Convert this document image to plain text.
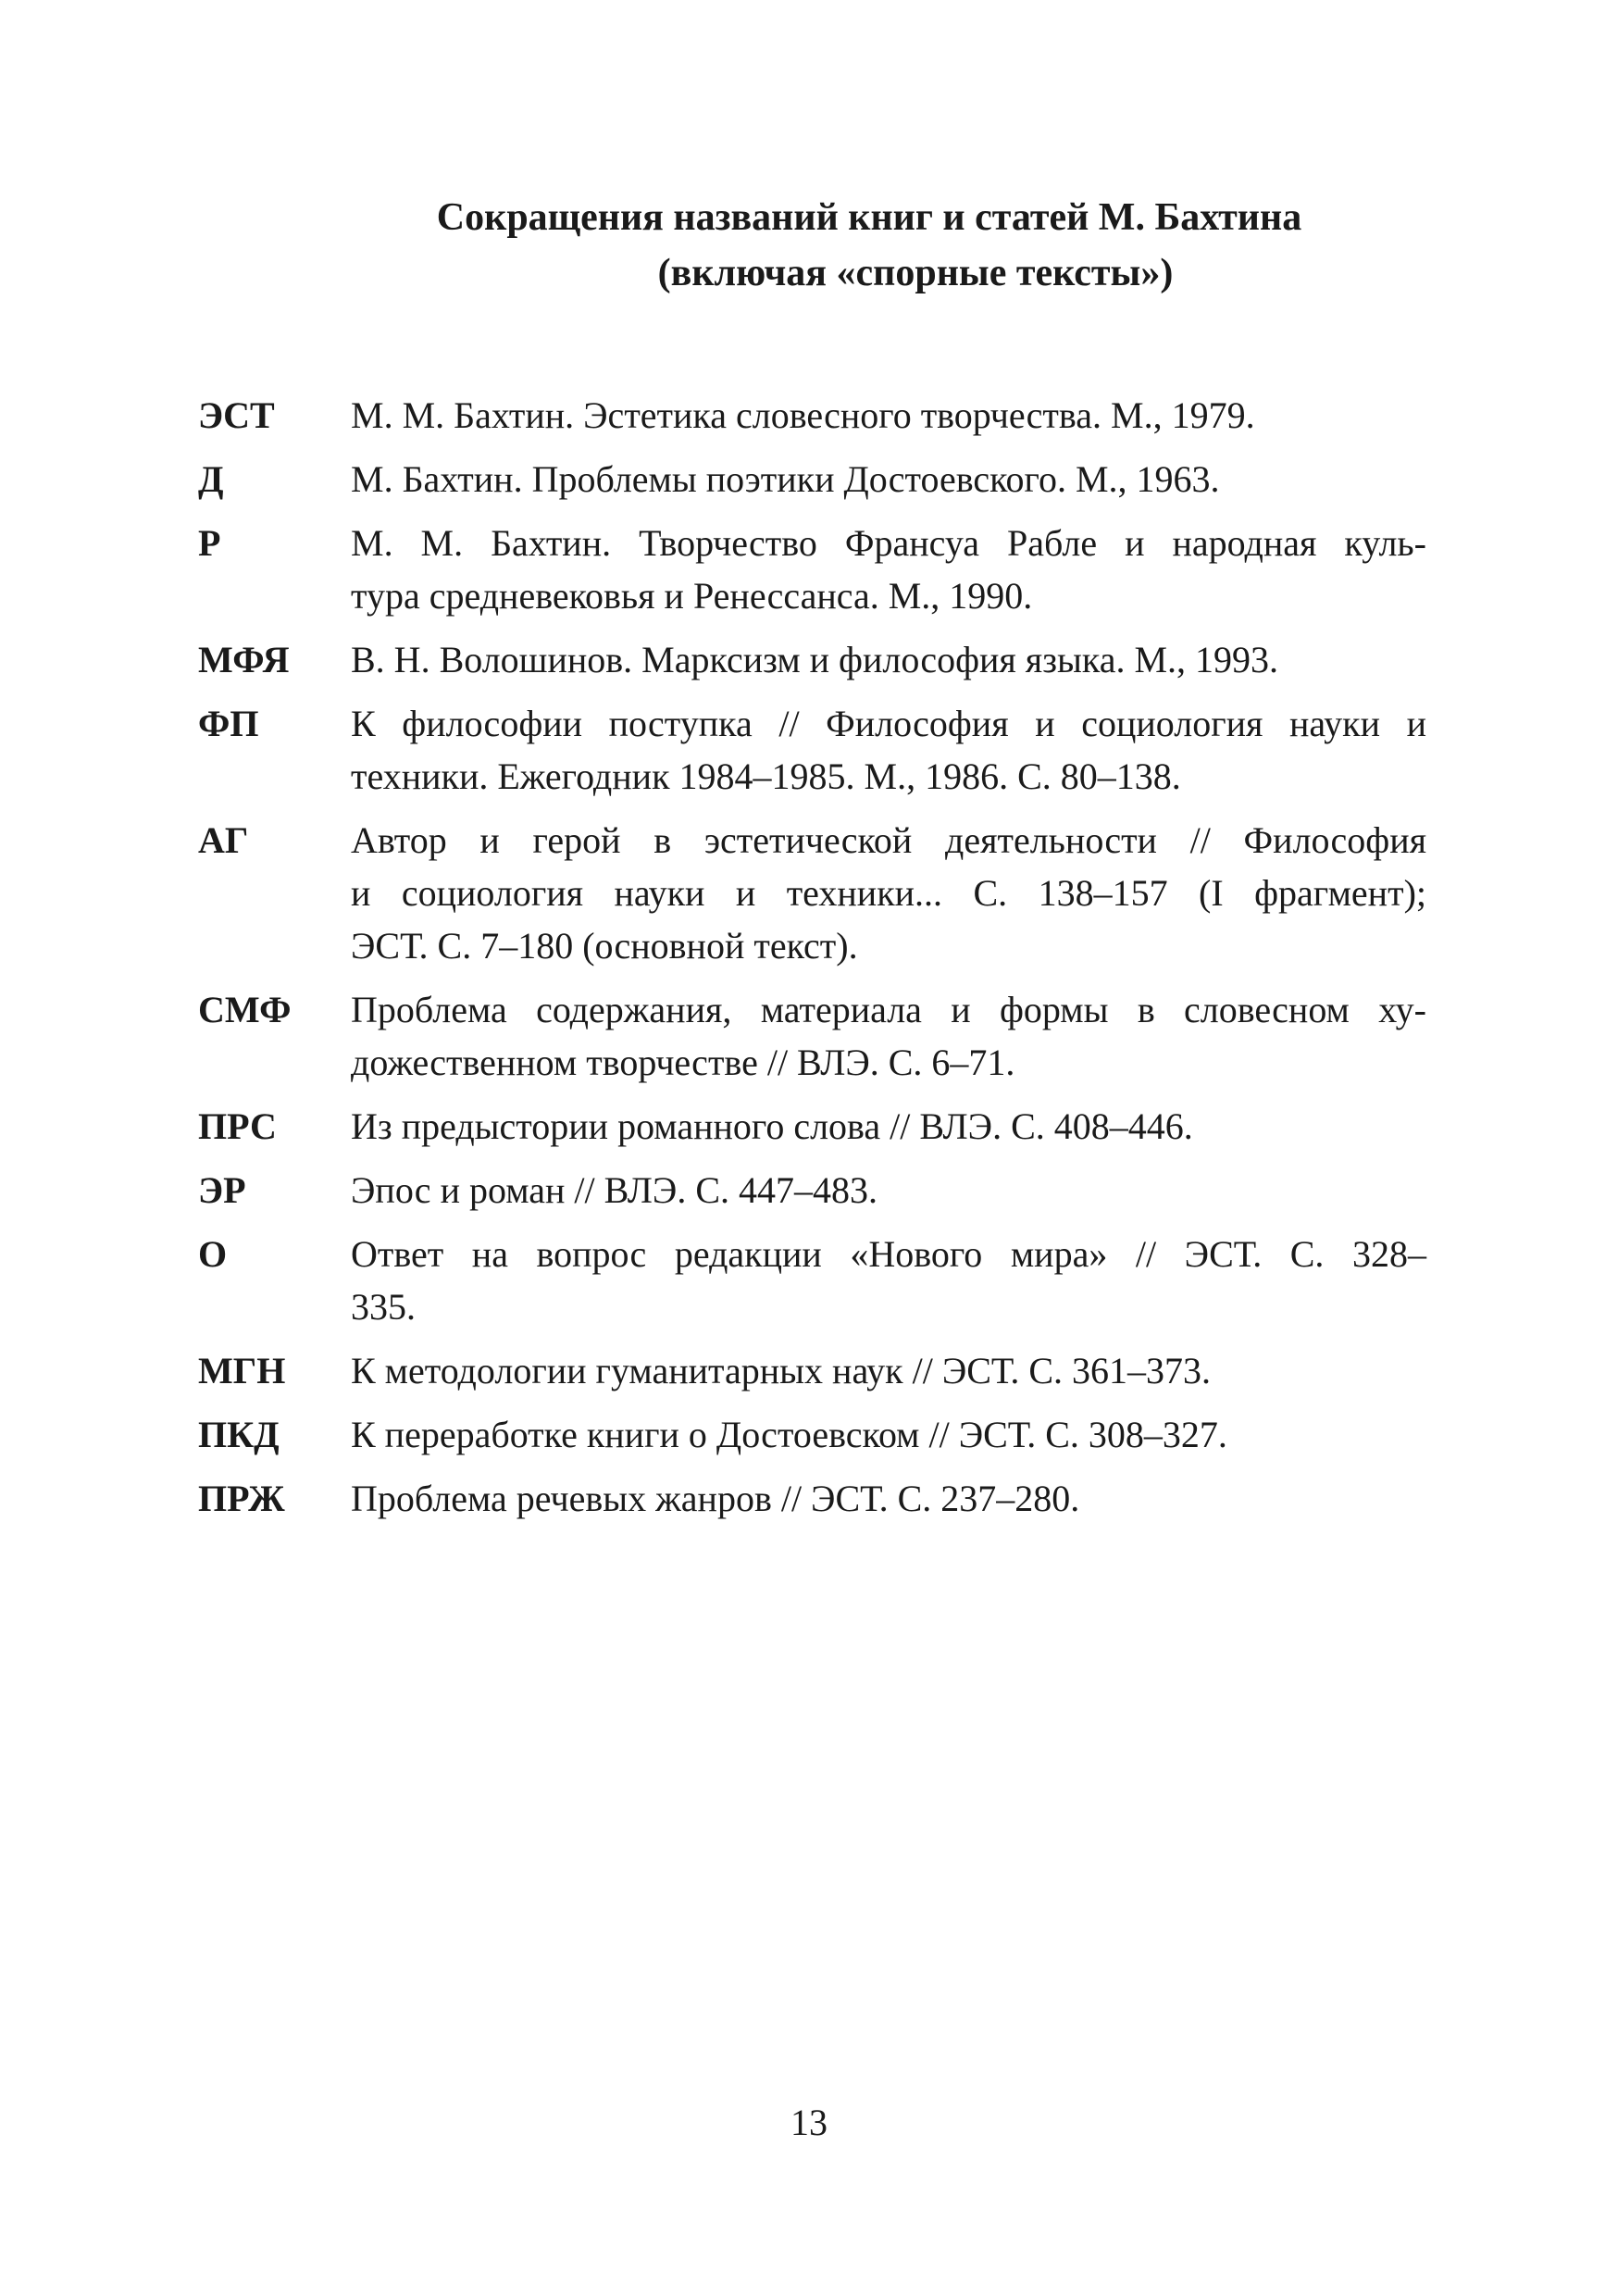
Сокращения названий книг и статей М. Бахтина
(включая «спорные тексты»)
ЭСТ	М. М. Бахтин. Эстетика словесного творчества. М., 1979.
Д	М. Бахтин. Проблемы поэтики Достоевского. М., 1963.
Р	М. М. Бахтин. Творчество Франсуа Рабле и народная куль-
тура средневековья и Ренессанса. М., 1990.
МФЯ	В. Н. Волошинов. Марксизм и философия языка. М., 1993.
ФП	К философии поступка // Философия и социология науки и
техники. Ежегодник 1984–1985. М., 1986. С. 80–138.
АГ	Автор и герой в эстетической деятельности // Философия
и социология науки и техники... С. 138–157 (I фрагмент);
ЭСТ. С. 7–180 (основной текст).
СМФ	Проблема содержания, материала и формы в словесном ху-
дожественном творчестве // ВЛЭ. С. 6–71.
ПРС	Из предыстории романного слова // ВЛЭ. С. 408–446.
ЭР	Эпос и роман // ВЛЭ. С. 447–483.
О	Ответ на вопрос редакции «Нового мира» // ЭСТ. С. 328–
335.
МГН	К методологии гуманитарных наук // ЭСТ. С. 361–373.
ПКД	К переработке книги о Достоевском // ЭСТ. С. 308–327.
ПРЖ	Проблема речевых жанров // ЭСТ. С. 237–280.
13
